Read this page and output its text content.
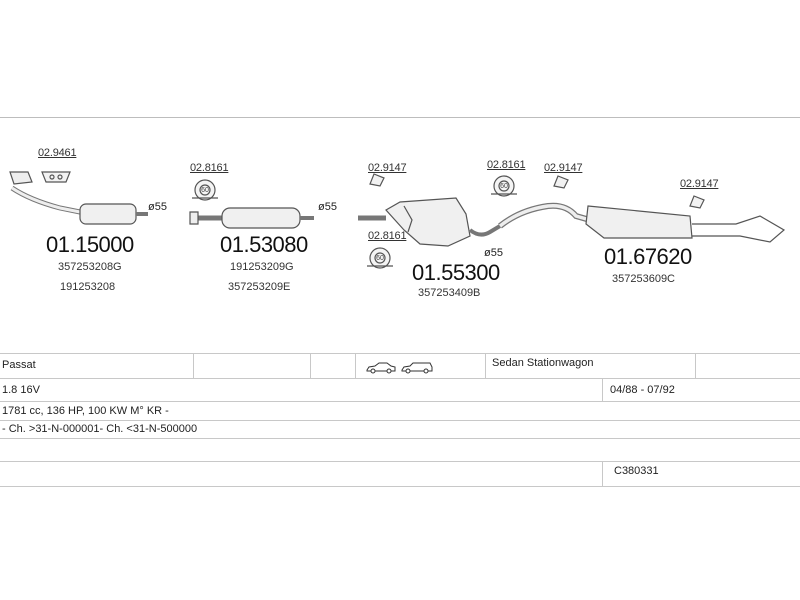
60
60
60
02.9461
ø55
01.15000
357253208G
191253208
02.8161
ø55
01.53080
191253209G
357253209E
02.9147
02.8161
ø55
01.55300
357253409B
02.8161 02.9147
02.9147
01.67620
357253609C
Passat	Sedan Stationwagon
1.8 16V	04/88 - 07/92
1781 cc, 136 HP, 100 KW M° KR -
- Ch. >31-N-000001- Ch. <31-N-500000
C380331
